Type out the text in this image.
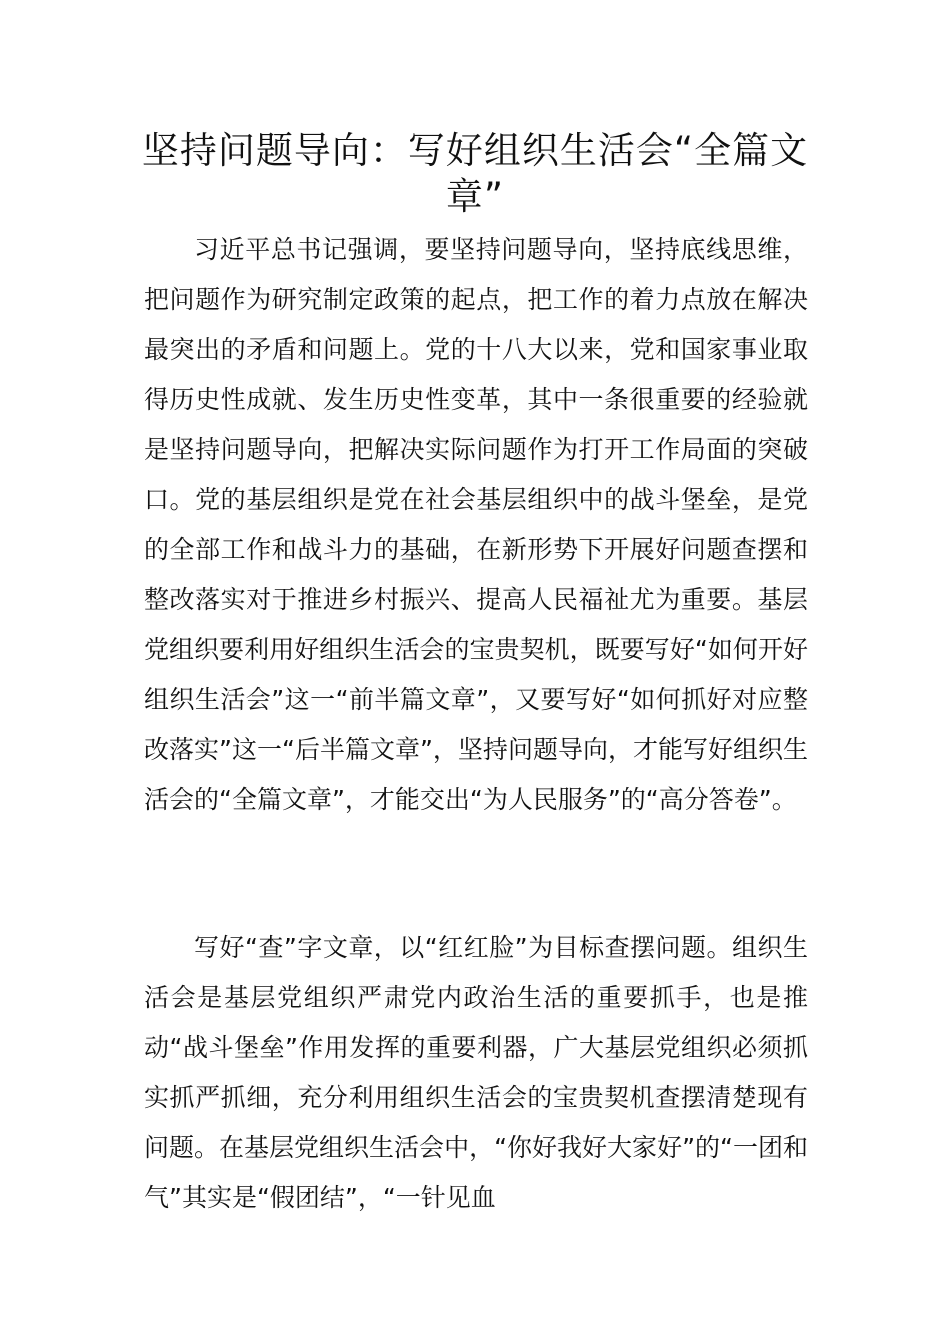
坚持问题导向：写好组织生活会“全篇文章”

习近平总书记强调，要坚持问题导向，坚持底线思维，把问题作为研究制定政策的起点，把工作的着力点放在解决最突出的矛盾和问题上。党的十八大以来，党和国家事业取得历史性成就、发生历史性变革，其中一条很重要的经验就是坚持问题导向，把解决实际问题作为打开工作局面的突破口。党的基层组织是党在社会基层组织中的战斗堡垒，是党的全部工作和战斗力的基础，在新形势下开展好问题查摆和整改落实对于推进乡村振兴、提高人民福祉尤为重要。基层党组织要利用好组织生活会的宝贵契机，既要写好“如何开好组织生活会”这一“前半篇文章”，又要写好“如何抓好对应整改落实”这一“后半篇文章”，坚持问题导向，才能写好组织生活会的“全篇文章”，才能交出“为人民服务”的“高分答卷”。

写好“查”字文章，以“红红脸”为目标查摆问题。组织生活会是基层党组织严肃党内政治生活的重要抓手，也是推动“战斗堡垒”作用发挥的重要利器，广大基层党组织必须抓实抓严抓细，充分利用组织生活会的宝贵契机查摆清楚现有问题。在基层党组织生活会中，“你好我好大家好”的“一团和气”其实是“假团结”，“一针见血
